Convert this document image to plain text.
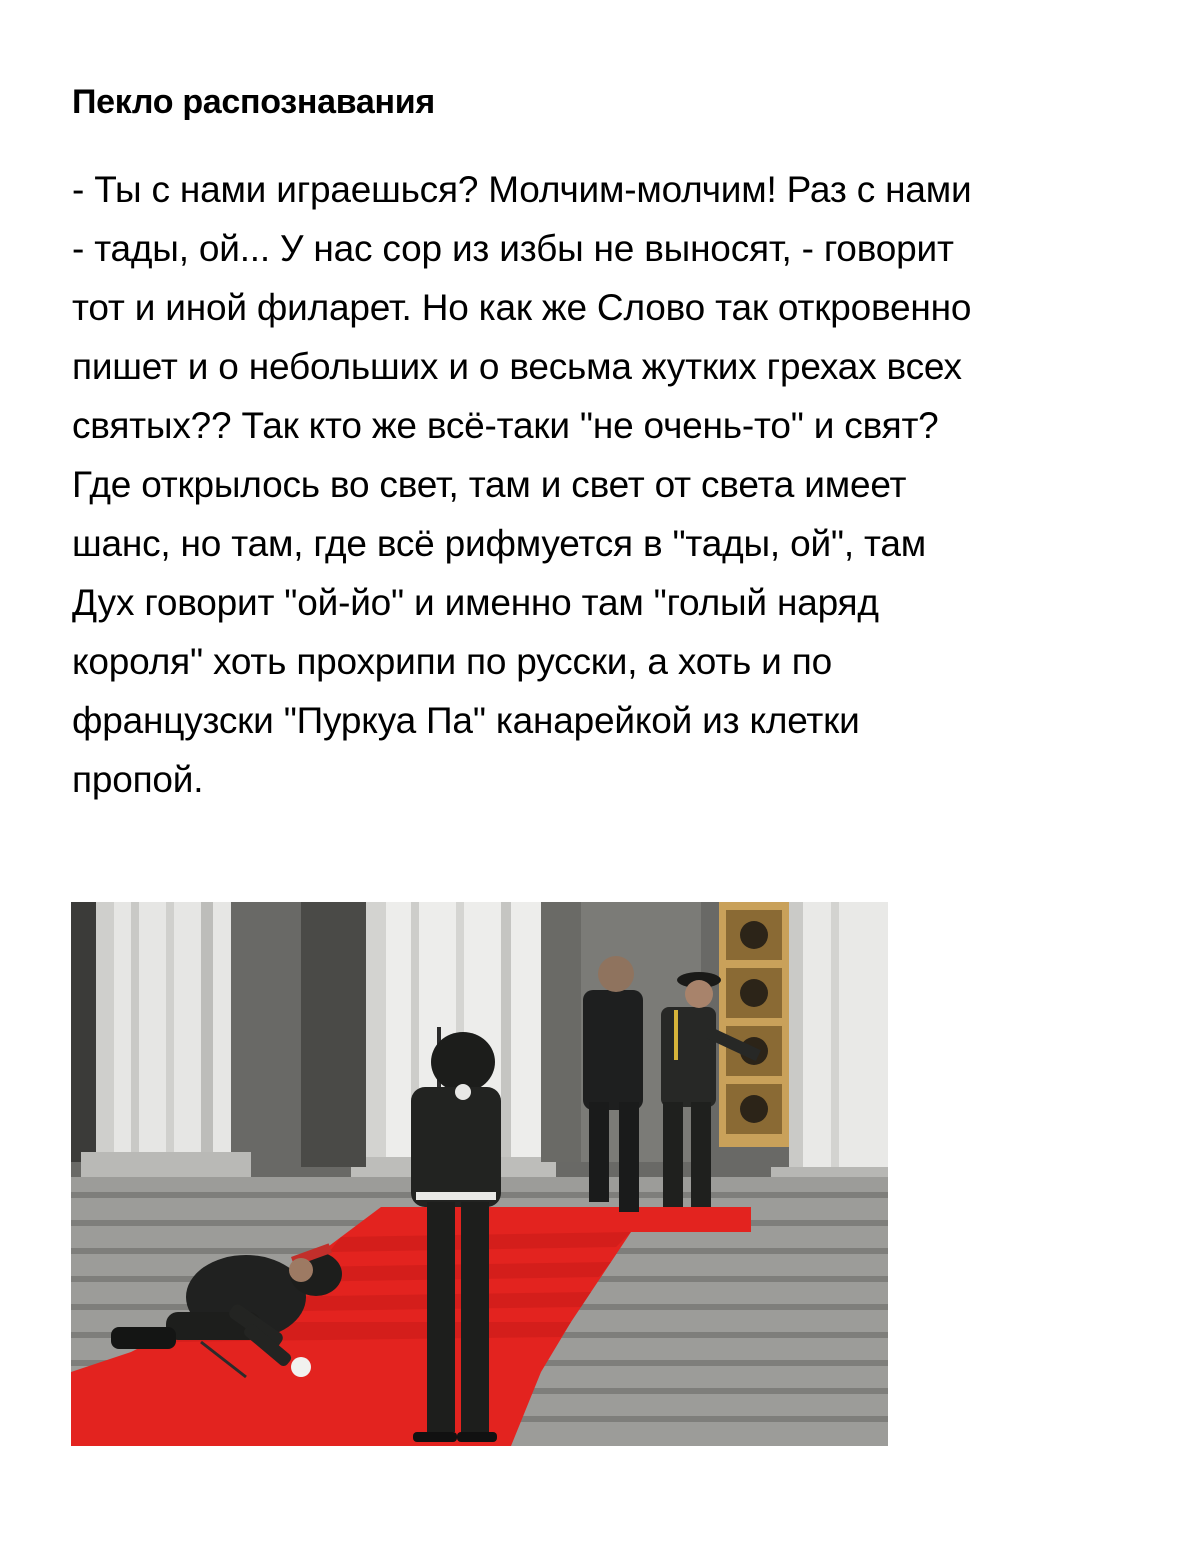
Пекло распознавания

- Ты с нами играешься? Молчим-молчим! Раз с нами
- тады, ой... У нас сор из избы не выносят, - говорит
тот и иной филарет. Но как же Слово так откровенно
пишет и о небольших и о весьма жутких грехах всех
святых?? Так кто же всё-таки "не очень-то" и свят?
Где открылось во свет, там и свет от света имеет
шанс, но там, где всё рифмуется в "тады, ой", там
Дух говорит "ой-йо" и именно там "голый наряд
короля" хоть прохрипи по русски, а хоть и по
французски "Пуркуа Па" канарейкой из клетки
пропой.
